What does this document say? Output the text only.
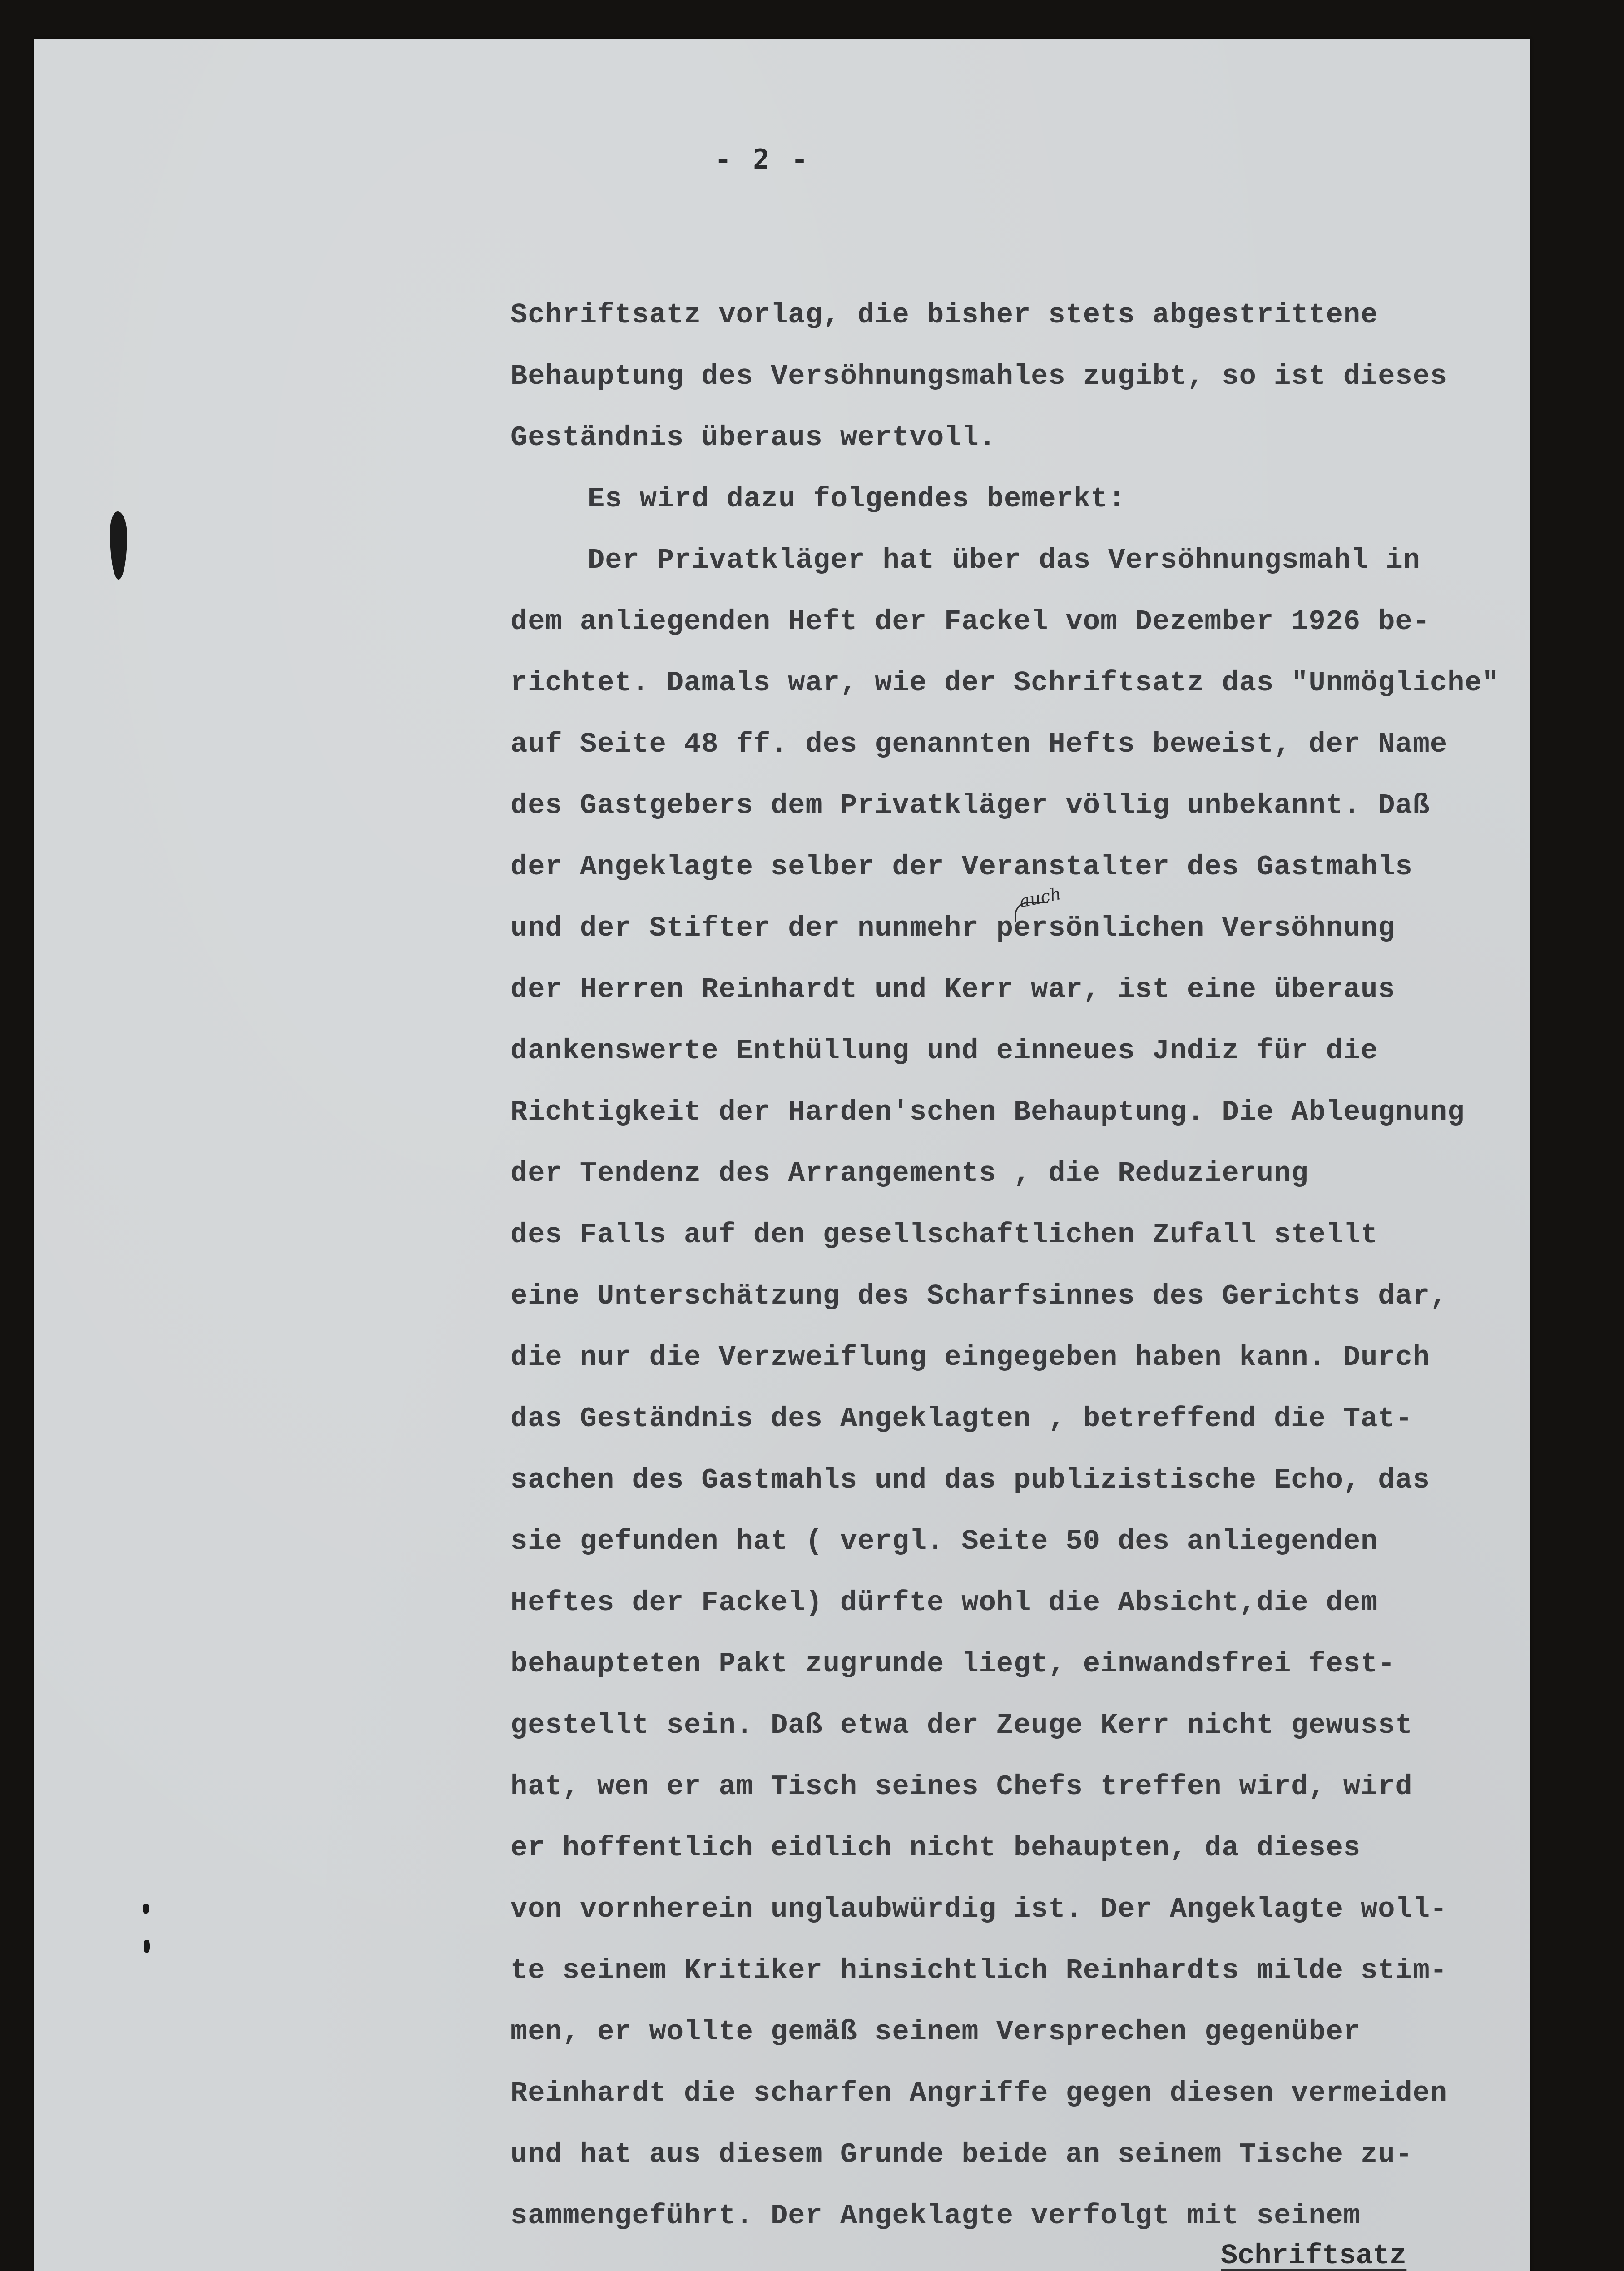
- 2 -
auch
Schriftsatz vorlag, die bisher stets abgestrittene
Behauptung des Versöhnungsmahles zugibt, so ist dieses
Geständnis überaus wertvoll.
Es wird dazu folgendes bemerkt:
Der Privatkläger hat über das Versöhnungsmahl in
dem anliegenden Heft der Fackel vom Dezember 1926 be-
richtet. Damals war, wie der Schriftsatz das "Unmögliche"
auf Seite 48 ff. des genannten Hefts beweist, der Name
des Gastgebers dem Privatkläger völlig unbekannt. Daß
der Angeklagte selber der Veranstalter des Gastmahls
und der Stifter der nunmehr persönlichen Versöhnung
der Herren Reinhardt und Kerr war, ist eine überaus
dankenswerte Enthüllung und einneues Jndiz für die
Richtigkeit der Harden'schen Behauptung. Die Ableugnung
der Tendenz des Arrangements , die Reduzierung
des Falls auf den gesellschaftlichen Zufall stellt
eine Unterschätzung des Scharfsinnes des Gerichts dar,
die nur die Verzweiflung eingegeben haben kann. Durch
das Geständnis des Angeklagten , betreffend die Tat-
sachen des Gastmahls und das publizistische Echo, das
sie gefunden hat ( vergl. Seite 50 des anliegenden
Heftes der Fackel) dürfte wohl die Absicht,die dem
behaupteten Pakt zugrunde liegt, einwandsfrei fest-
gestellt sein. Daß etwa der Zeuge Kerr nicht gewusst
hat, wen er am Tisch seines Chefs treffen wird, wird
er hoffentlich eidlich nicht behaupten, da dieses
von vornherein unglaubwürdig ist. Der Angeklagte woll-
te seinem Kritiker hinsichtlich Reinhardts milde stim-
men, er wollte gemäß seinem Versprechen gegenüber
Reinhardt die scharfen Angriffe gegen diesen vermeiden
und hat aus diesem Grunde beide an seinem Tische zu-
sammengeführt. Der Angeklagte verfolgt mit seinem
Schriftsatz
